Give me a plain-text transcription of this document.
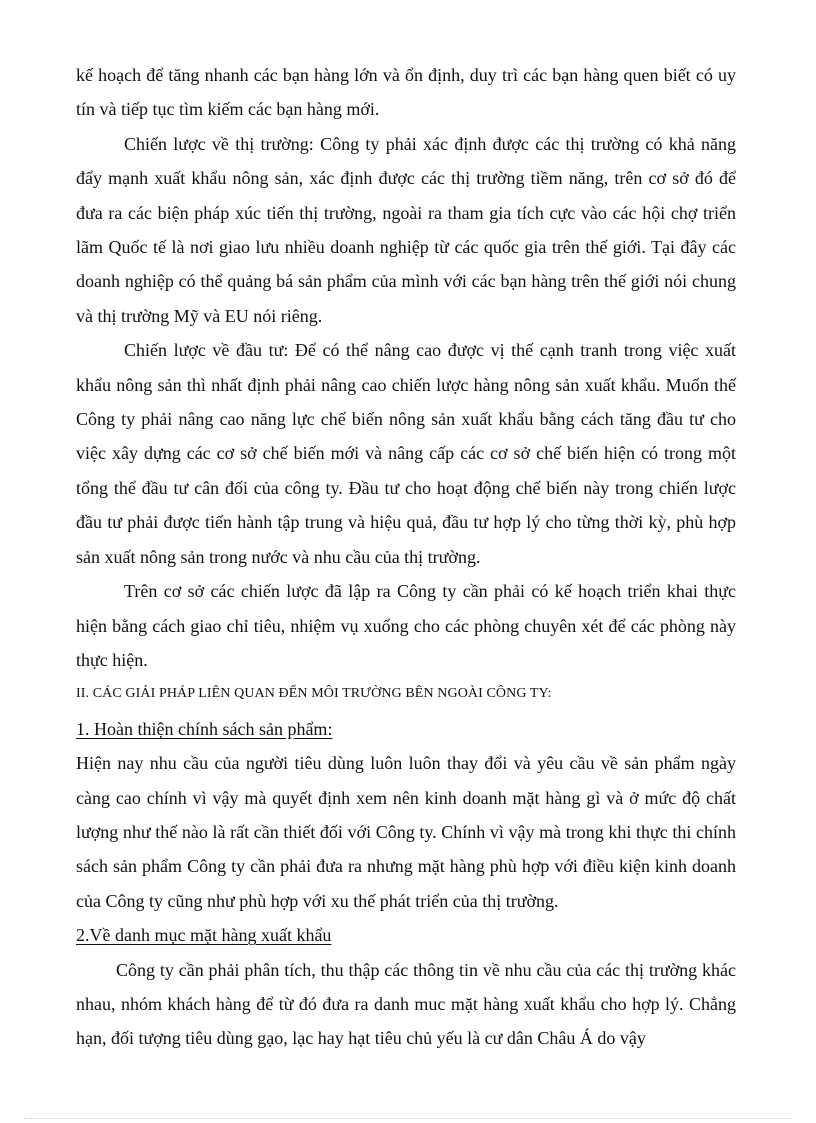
kế hoạch để tăng nhanh các bạn hàng lớn và ổn định, duy trì các bạn hàng quen biết có uy tín và tiếp tục tìm kiếm các bạn hàng mới.

Chiến lược về thị trường: Công ty phải xác định được các thị trường có khả năng đẩy mạnh xuất khẩu nông sản, xác định được các thị trường tiềm năng, trên cơ sở đó để đưa ra các biện pháp xúc tiến thị trường, ngoài ra tham gia tích cực vào các hội chợ triển lãm Quốc tế là nơi giao lưu nhiều doanh nghiệp từ các quốc gia trên thế giới. Tại đây các doanh nghiệp có thể quảng bá sản phẩm của mình với các bạn hàng trên thế giới nói chung và thị trường Mỹ và EU nói riêng.

Chiến lược về đầu tư: Để có thể nâng cao được vị thế cạnh tranh trong việc xuất khẩu nông sản thì nhất định phải nâng cao chiến lược hàng nông sản xuất khẩu. Muốn thế Công ty phải nâng cao năng lực chế biến nông sản xuất khẩu bằng cách tăng đầu tư cho việc xây dựng các cơ sở chế biến mới và nâng cấp các cơ sở chế biến hiện có trong một tổng thể đầu tư cân đối của công ty. Đầu tư cho hoạt động chế biến này trong chiến lược đầu tư phải được tiến hành tập trung và hiệu quả, đầu tư hợp lý cho từng thời kỳ, phù hợp sản xuất nông sản trong nước và nhu cầu của thị trường.

Trên cơ sở các chiến lược đã lập ra Công ty cần phải có kế hoạch triển khai thực hiện bằng cách giao chỉ tiêu, nhiệm vụ xuống cho các phòng chuyên xét để các phòng này thực hiện.

II. CÁC GIẢI PHÁP LIÊN QUAN ĐẾN MÔI TRƯỜNG BÊN NGOÀI CÔNG TY:

1. Hoàn thiện chính sách sản phẩm:

Hiện nay nhu cầu của người tiêu dùng luôn luôn thay đổi và yêu cầu về sản phẩm ngày càng cao chính vì vậy mà quyết định xem nên kinh doanh mặt hàng gì và ở mức độ chất lượng như thế nào là rất cần thiết đối với Công ty. Chính vì vậy mà trong khi thực thi chính sách sản phẩm Công ty cần phải đưa ra nhưng mặt hàng phù hợp với điều kiện kinh doanh của Công ty cũng như phù hợp với xu thế phát triển của thị trường.

2.Về danh mục mặt hàng xuất khẩu

Công ty cần phải phân tích, thu thập các thông tin về nhu cầu của các thị trường khác nhau, nhóm khách hàng để từ đó đưa ra danh muc mặt hàng xuất khẩu cho hợp lý. Chẳng hạn, đối tượng tiêu dùng gạo, lạc hay hạt tiêu chủ yếu là cư dân Châu Á do vậy
